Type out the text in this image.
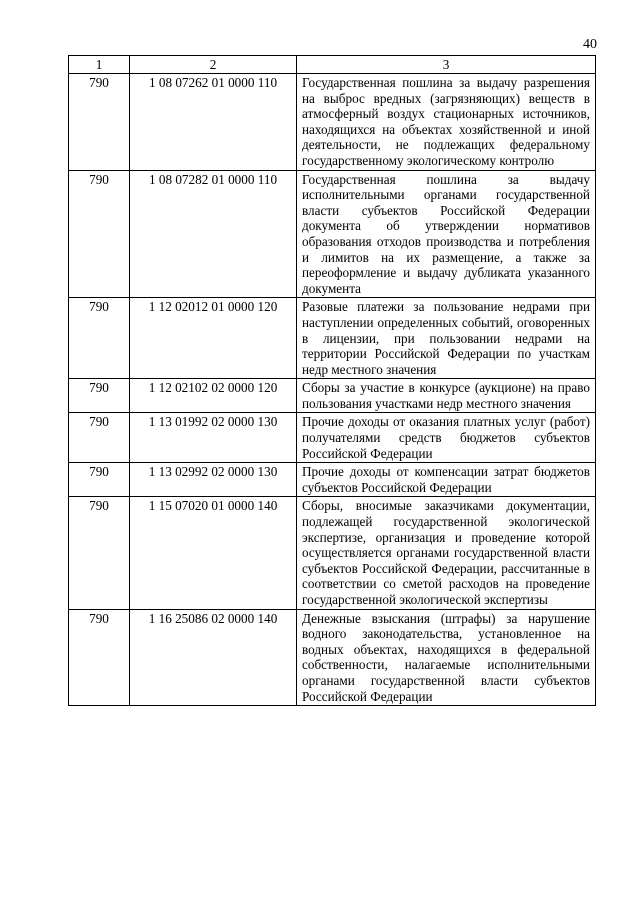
40
1	2	3
790	1 08 07262 01 0000 110	Государственная пошлина за выдачу разрешения на выброс вредных (загрязняющих) веществ в атмосферный воздух стационарных источников, находящихся на объектах хозяйственной и иной деятельности, не подлежащих федеральному государственному экологическому контролю
790	1 08 07282 01 0000 110	Государственная пошлина за выдачу исполнительными органами государственной власти субъектов Российской Федерации документа об утверждении нормативов образования отходов производства и потребления и лимитов на их размещение, а также за переоформление и выдачу дубликата указанного документа
790	1 12 02012 01 0000 120	Разовые платежи за пользование недрами при наступлении определенных событий, оговоренных в лицензии, при пользовании недрами на территории Российской Федерации по участкам недр местного значения
790	1 12 02102 02 0000 120	Сборы за участие в конкурсе (аукционе) на право пользования участками недр местного значения
790	1 13 01992 02 0000 130	Прочие доходы от оказания платных услуг (работ) получателями средств бюджетов субъектов Российской Федерации
790	1 13 02992 02 0000 130	Прочие доходы от компенсации затрат бюджетов субъектов Российской Федерации
790	1 15 07020 01 0000 140	Сборы, вносимые заказчиками документации, подлежащей государственной экологической экспертизе, организация и проведение которой осуществляется органами государственной власти субъектов Российской Федерации, рассчитанные в соответствии со сметой расходов на проведение государственной экологической экспертизы
790	1 16 25086 02 0000 140	Денежные взыскания (штрафы) за нарушение водного законодательства, установленное на водных объектах, находящихся в федеральной собственности, налагаемые исполнительными органами государственной власти субъектов Российской Федерации
